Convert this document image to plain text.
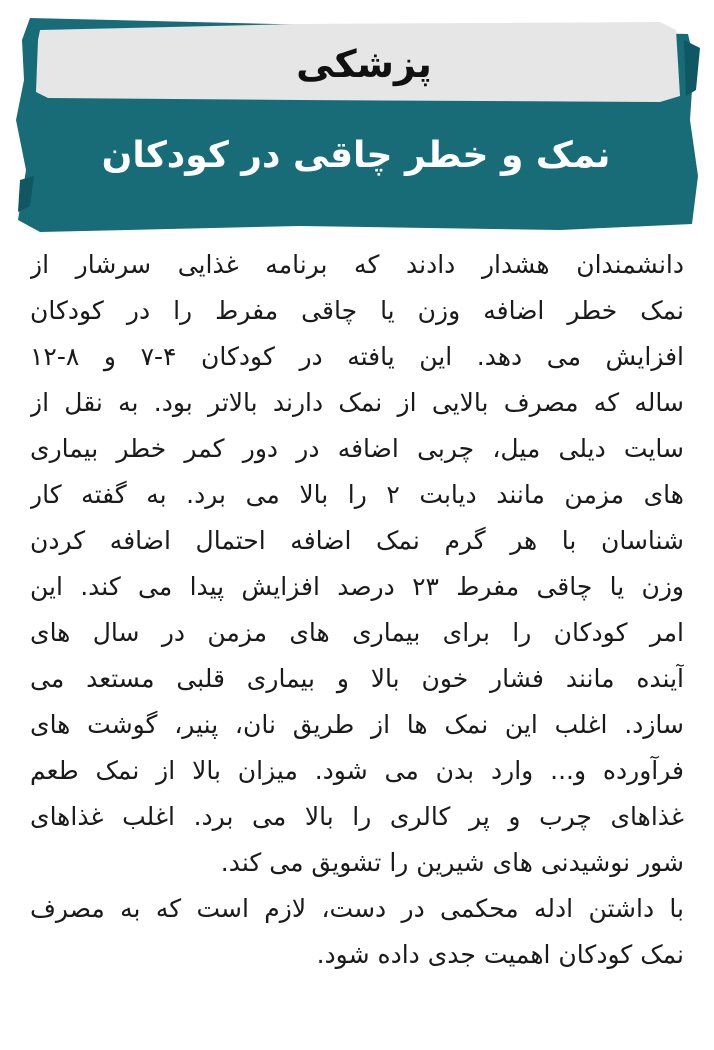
پزشکی
نمک و خطر چاقی در کودکان
دانشمندان هشدار دادند که برنامه غذایی سرشار از
نمک خطر اضافه وزن یا چاقی مفرط را در کودکان
افزایش می دهد. این یافته در کودکان ۴-۷ و ۸-۱۲
ساله که مصرف بالایی از نمک دارند بالاتر بود. به نقل از
سایت دیلی میل، چربی اضافه در دور کمر خطر بیماری
های مزمن مانند دیابت ۲ را بالا می برد. به گفته کار
شناسان با هر گرم نمک اضافه احتمال اضافه کردن
وزن یا چاقی مفرط ۲۳ درصد افزایش پیدا می کند. این
امر کودکان را برای بیماری های مزمن در سال های
آینده مانند فشار خون بالا و بیماری قلبی مستعد می
سازد. اغلب این نمک ها از طریق نان، پنیر، گوشت های
فرآورده و... وارد بدن می شود. میزان بالا از نمک طعم
غذاهای چرب و پر کالری را بالا می برد. اغلب غذاهای
شور نوشیدنی های شیرین را تشویق می کند.
با داشتن ادله محکمی در دست، لازم است که به مصرف
نمک کودکان اهمیت جدی داده شود.
